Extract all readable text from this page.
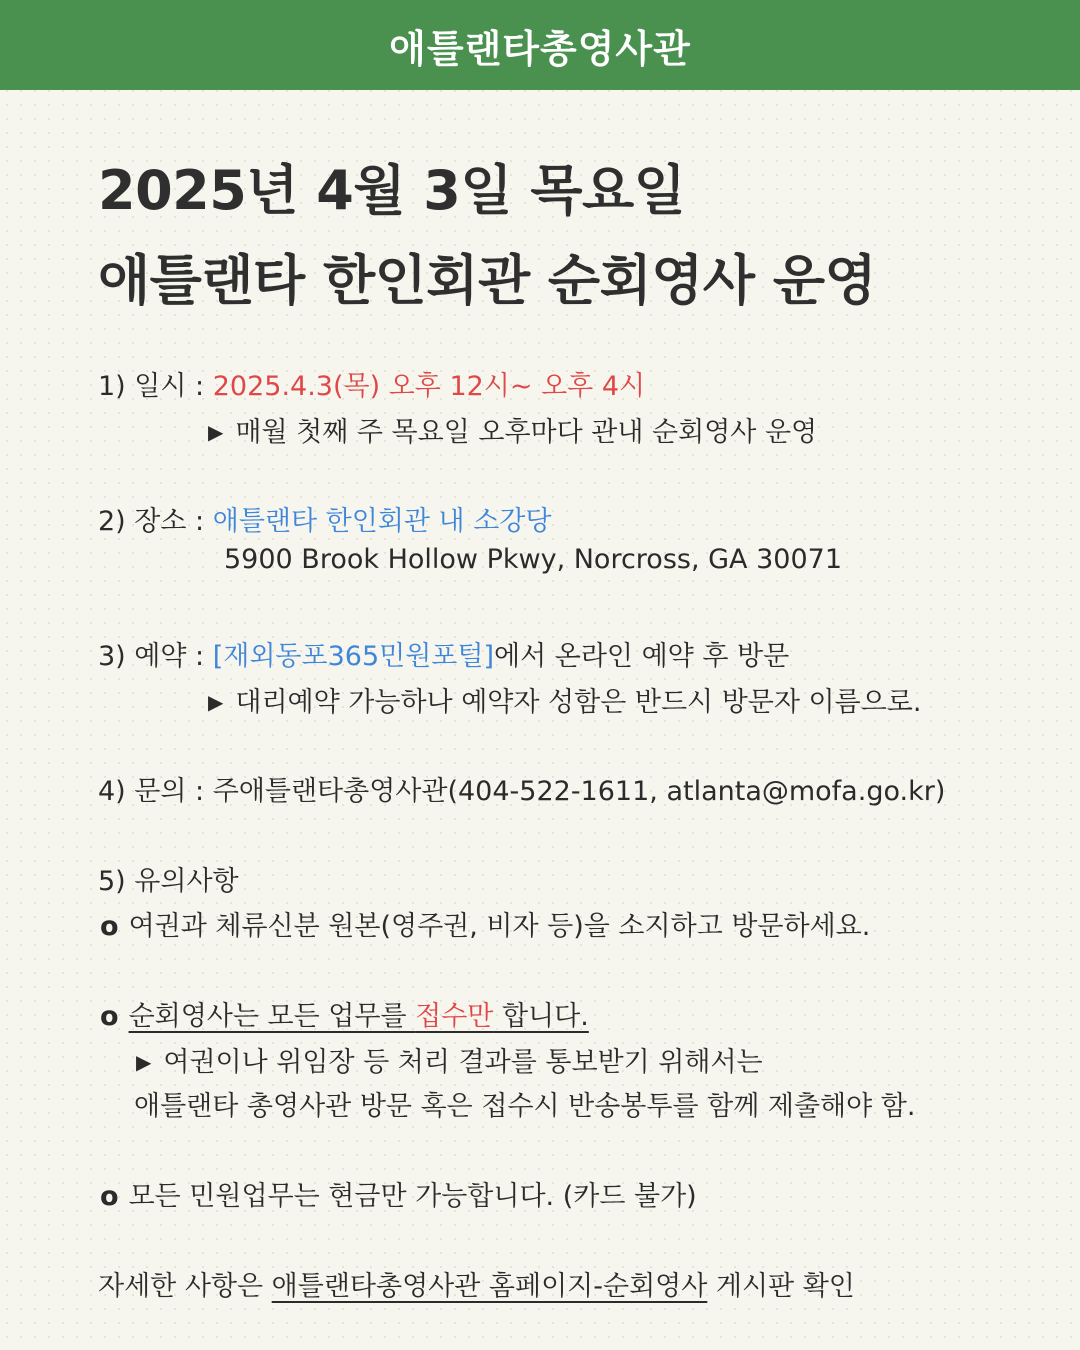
애틀랜타총영사관
2025년 4월 3일 목요일
애틀랜타 한인회관 순회영사 운영
1) 일시 : 2025.4.3(목) 오후 12시~ 오후 4시
▶ 매월 첫째 주 목요일 오후마다 관내 순회영사 운영
2) 장소 : 애틀랜타 한인회관 내 소강당
5900 Brook Hollow Pkwy, Norcross, GA 30071
3) 예약 : [재외동포365민원포털]에서 온라인 예약 후 방문
▶ 대리예약 가능하나 예약자 성함은 반드시 방문자 이름으로.
4) 문의 : 주애틀랜타총영사관(404-522-1611, atlanta@mofa.go.kr)
5) 유의사항
o 여권과 체류신분 원본(영주권, 비자 등)을 소지하고 방문하세요.
o 순회영사는 모든 업무를 접수만 합니다.
▶ 여권이나 위임장 등 처리 결과를 통보받기 위해서는
애틀랜타 총영사관 방문 혹은 접수시 반송봉투를 함께 제출해야 함.
o 모든 민원업무는 현금만 가능합니다. (카드 불가)
자세한 사항은 애틀랜타총영사관 홈페이지-순회영사 게시판 확인
